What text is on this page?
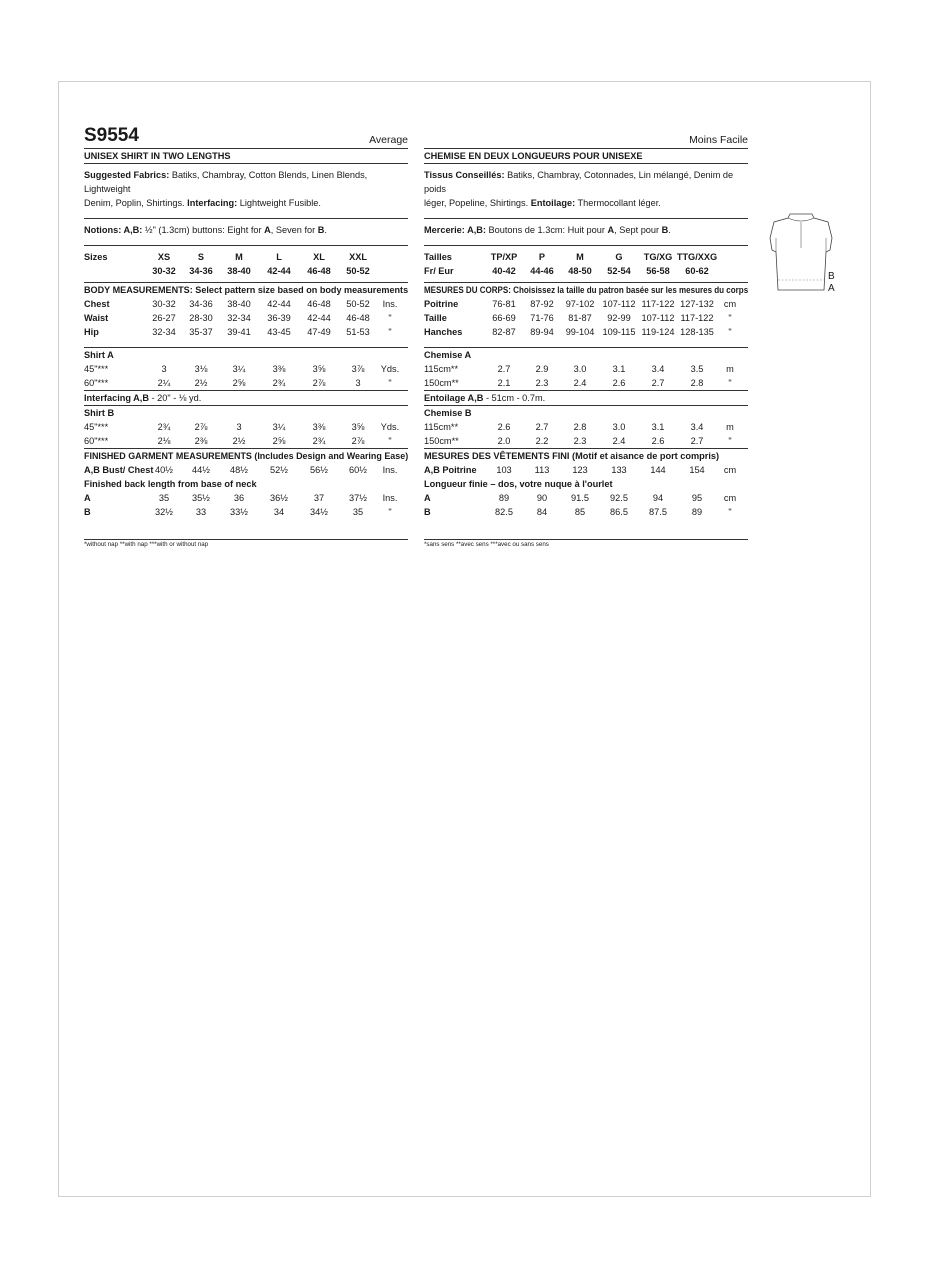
S9554	Average
UNISEX SHIRT IN TWO LENGTHS
Suggested Fabrics: Batiks, Chambray, Cotton Blends, Linen Blends, Lightweight
Denim, Poplin, Shirtings. Interfacing: Lightweight Fusible.
Notions: A,B: ½" (1.3cm) buttons: Eight for A, Seven for B.
Sizes	XS	S	M	L	XL	XXL
30-32 34-36 38-40 42-44 46-48 50-52
BODY MEASUREMENTS: Select pattern size based on body measurements
Chest	30-32 34-36 38-40 42-44 46-48 50-52 Ins.
Waist	26-27 28-30 32-34 36-39 42-44 46-48 "
Hip	32-34 35-37 39-41 43-45 47-49 51-53 "
Shirt A
45"***	3	3⅛	3¼	3⅜	3⅝	3⅞ Yds.
60"***	2¼	2½	2⅝	2¾	2⅞	3	"
Interfacing A,B - 20" - ⅛ yd.
Shirt B
45"***	2¾	2⅞	3	3¼	3⅜	3⅝ Yds.
60"***	2⅛	2⅜	2½	2⅝	2¾	2⅞	"
FINISHED GARMENT MEASUREMENTS (Includes Design and Wearing Ease)
A,B Bust/ Chest 40½ 44½ 48½ 52½ 56½ 60½ Ins.
Finished back length from base of neck
A	35 35½	36	36½	37	37½ Ins.
B	32½ 33	33½	34	34½	35	"
*without nap **with nap ***with or without nap
Moins Facile
CHEMISE EN DEUX LONGUEURS POUR UNISEXE
Tissus Conseillés: Batiks, Chambray, Cotonnades, Lin mélangé, Denim de poids
léger, Popeline, Shirtings. Entoilage: Thermocollant léger.
Mercerie: A,B: Boutons de 1.3cm: Huit pour A, Sept pour B.
Tailles	TP/XP P	M	G TG/XG TTG/XXG
Fr/ Eur	40-42 44-46 48-50 52-54 56-58 60-62
MESURES DU CORPS: Choisissez la taille du patron basée sur les mesures du corps
Poitrine	76-81 87-92 97-102 107-112 117-122 127-132 cm
Taille	66-69 71-76 81-87 92-99 107-112 117-122 "
Hanches	82-87 89-94 99-104 109-115 119-124 128-135 "
Chemise A
115cm**	2.7	2.9	3.0	3.1	3.4	3.5 m
150cm**	2.1	2.3	2.4	2.6	2.7	2.8	"
Entoilage A,B - 51cm - 0.7m.
Chemise B
115cm**	2.6	2.7	2.8	3.0	3.1	3.4 m
150cm**	2.0	2.2	2.3	2.4	2.6	2.7	"
MESURES DES VÊTEMENTS FINI (Motif et aisance de port compris)
A,B Poitrine 103	113	123	133	144	154 cm
Longueur finie – dos, votre nuque à l'ourlet
A	89	90	91.5 92.5	94	95 cm
B	82.5	84	85	86.5 87.5	89	"
*sans sens **avec sens ***avec ou sans sens
B
A
